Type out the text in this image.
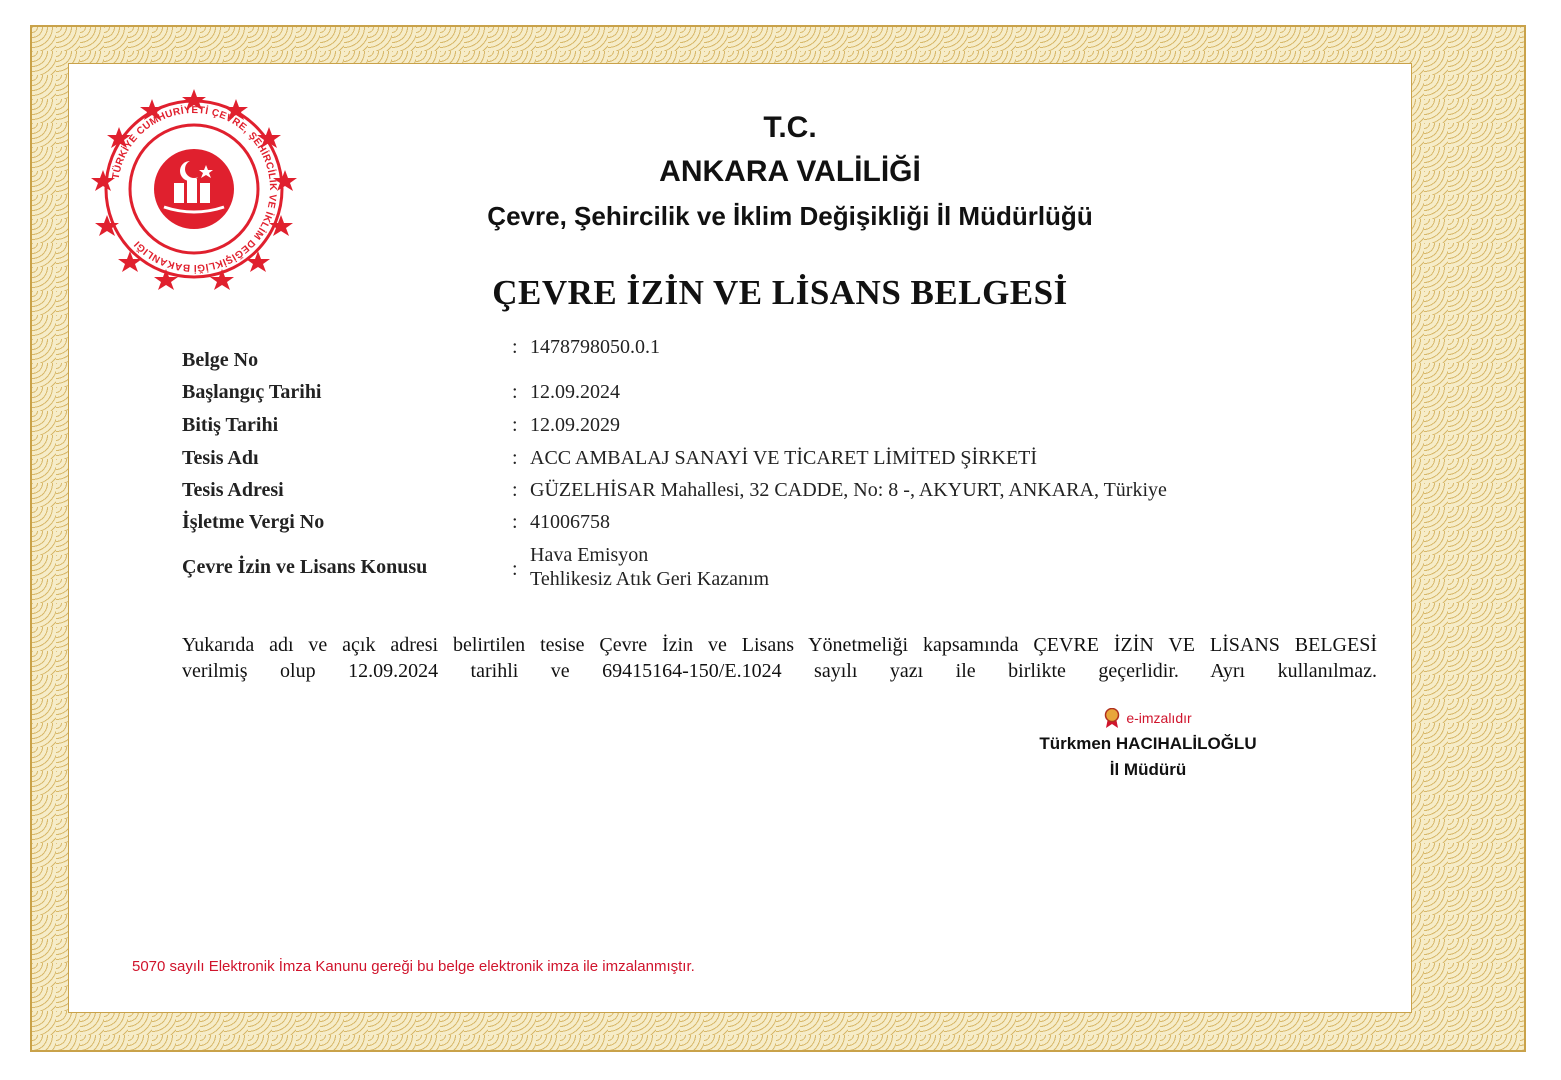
TÜRKİYE CUMHURİYETİ ÇEVRE, ŞEHİRCİLİK VE İKLİM DEĞİŞİKLİĞİ BAKANLIĞI
T.C.
ANKARA VALİLİĞİ
Çevre, Şehircilik ve İklim Değişikliği İl Müdürlüğü
ÇEVRE İZİN VE LİSANS BELGESİ
Belge No
: 1478798050.0.1
Başlangıç Tarihi	: 12.09.2024
Bitiş Tarihi	: 12.09.2029
Tesis Adı	: ACC AMBALAJ SANAYİ VE TİCARET LİMİTED ŞİRKETİ
Tesis Adresi	: GÜZELHİSAR Mahallesi, 32 CADDE, No: 8 -, AKYURT, ANKARA, Türkiye
İşletme Vergi No	: 41006758
Çevre İzin ve Lisans Konusu	:
Hava Emisyon
Tehlikesiz Atık Geri Kazanım
Yukarıda adı ve açık adresi belirtilen tesise Çevre İzin ve Lisans Yönetmeliği kapsamında ÇEVRE İZİN VE LİSANS BELGESİ
verilmiş olup 12.09.2024 tarihli ve 69415164-150/E.1024 sayılı yazı ile birlikte geçerlidir. Ayrı kullanılmaz.
e-imzalıdır
Türkmen HACIHALİLOĞLU
İl Müdürü
5070 sayılı Elektronik İmza Kanunu gereği bu belge elektronik imza ile imzalanmıştır.
